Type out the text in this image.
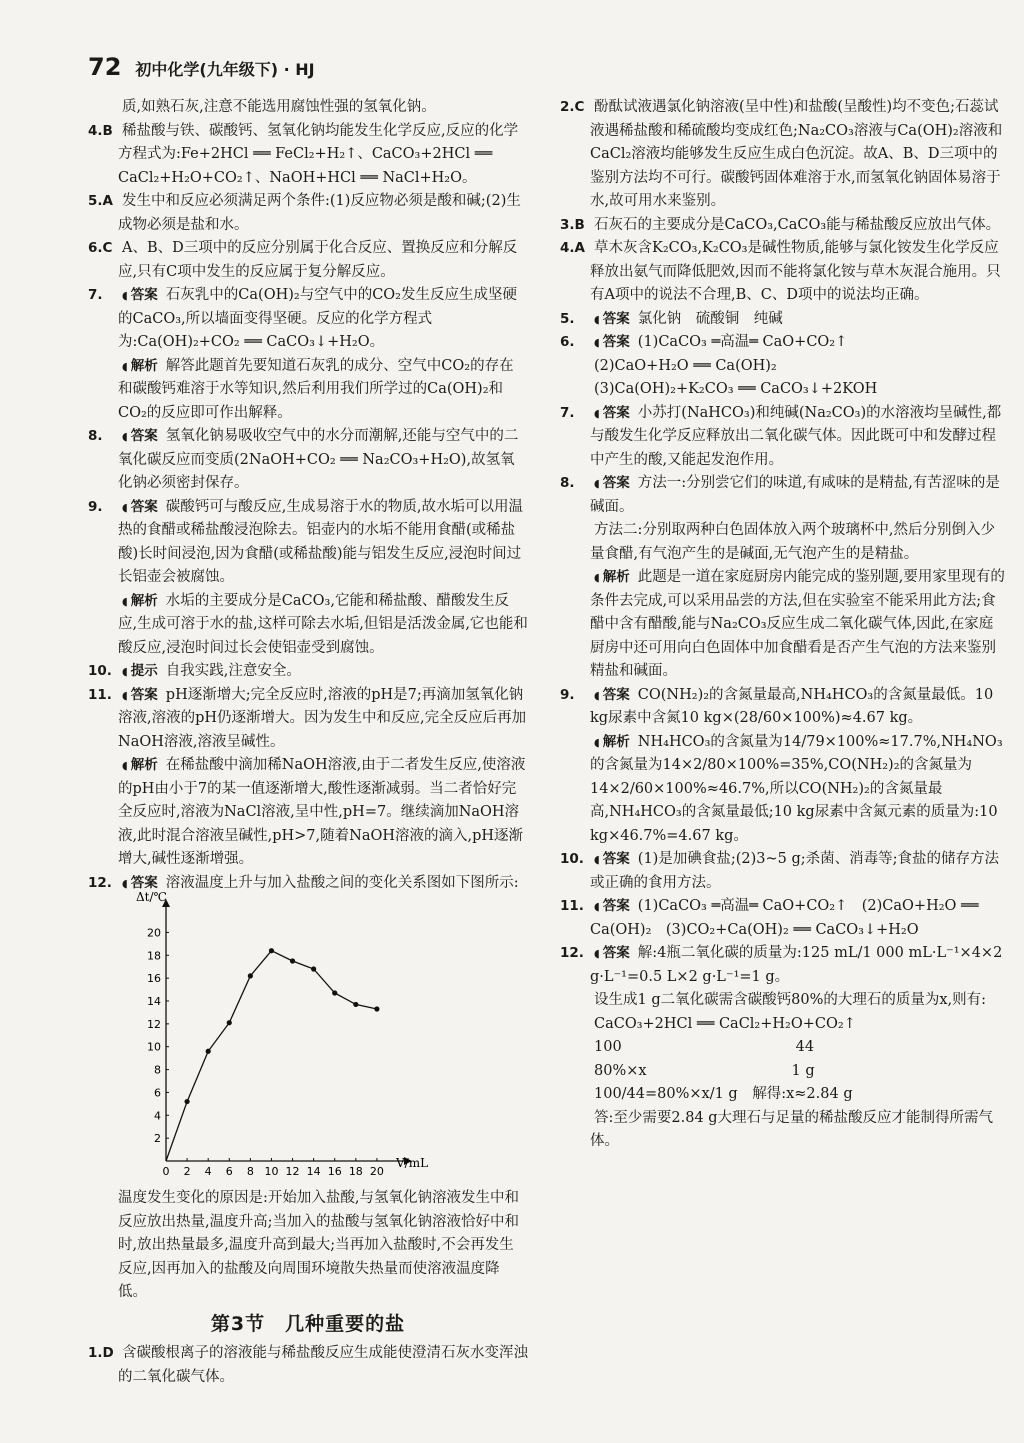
72 初中化学(九年级下) · HJ

质,如熟石灰,注意不能选用腐蚀性强的氢氧化钠。

4.B 稀盐酸与铁、碳酸钙、氢氧化钠均能发生化学反应,反应的化学方程式为:Fe+2HCl ══ FeCl₂+H₂↑、CaCO₃+2HCl ══ CaCl₂+H₂O+CO₂↑、NaOH+HCl ══ NaCl+H₂O。

5.A 发生中和反应必须满足两个条件:(1)反应物必须是酸和碱;(2)生成物必须是盐和水。

6.C A、B、D三项中的反应分别属于化合反应、置换反应和分解反应,只有C项中发生的反应属于复分解反应。

7. ◖ 答案 石灰乳中的Ca(OH)₂与空气中的CO₂发生反应生成坚硬的CaCO₃,所以墙面变得坚硬。反应的化学方程式为:Ca(OH)₂+CO₂ ══ CaCO₃↓+H₂O。

◖ 解析 解答此题首先要知道石灰乳的成分、空气中CO₂的存在和碳酸钙难溶于水等知识,然后利用我们所学过的Ca(OH)₂和CO₂的反应即可作出解释。

8. ◖ 答案 氢氧化钠易吸收空气中的水分而潮解,还能与空气中的二氧化碳反应而变质(2NaOH+CO₂ ══ Na₂CO₃+H₂O),故氢氧化钠必须密封保存。

9. ◖ 答案 碳酸钙可与酸反应,生成易溶于水的物质,故水垢可以用温热的食醋或稀盐酸浸泡除去。铝壶内的水垢不能用食醋(或稀盐酸)长时间浸泡,因为食醋(或稀盐酸)能与铝发生反应,浸泡时间过长铝壶会被腐蚀。

◖ 解析 水垢的主要成分是CaCO₃,它能和稀盐酸、醋酸发生反应,生成可溶于水的盐,这样可除去水垢,但铝是活泼金属,它也能和酸反应,浸泡时间过长会使铝壶受到腐蚀。

10. ◖ 提示 自我实践,注意安全。

11. ◖ 答案 pH逐渐增大;完全反应时,溶液的pH是7;再滴加氢氧化钠溶液,溶液的pH仍逐渐增大。因为发生中和反应,完全反应后再加NaOH溶液,溶液呈碱性。

◖ 解析 在稀盐酸中滴加稀NaOH溶液,由于二者发生反应,使溶液的pH由小于7的某一值逐渐增大,酸性逐渐减弱。当二者恰好完全反应时,溶液为NaCl溶液,呈中性,pH=7。继续滴加NaOH溶液,此时混合溶液呈碱性,pH>7,随着NaOH溶液的滴入,pH逐渐增大,碱性逐渐增强。

12. ◖ 答案 溶液温度上升与加入盐酸之间的变化关系图如下图所示:

Δt/℃
V/mL
0 2 4 6 8 10 12 14 16 18 20
2
4
6
8
10
12
14
16
18
20

温度发生变化的原因是:开始加入盐酸,与氢氧化钠溶液发生中和反应放出热量,温度升高;当加入的盐酸与氢氧化钠溶液恰好中和时,放出热量最多,温度升高到最大;当再加入盐酸时,不会再发生反应,因再加入的盐酸及向周围环境散失热量而使溶液温度降低。

第3节　几种重要的盐

1.D 含碳酸根离子的溶液能与稀盐酸反应生成能使澄清石灰水变浑浊的二氧化碳气体。

2.C 酚酞试液遇氯化钠溶液(呈中性)和盐酸(呈酸性)均不变色;石蕊试液遇稀盐酸和稀硫酸均变成红色;Na₂CO₃溶液与Ca(OH)₂溶液和CaCl₂溶液均能够发生反应生成白色沉淀。故A、B、D三项中的鉴别方法均不可行。碳酸钙固体难溶于水,而氢氧化钠固体易溶于水,故可用水来鉴别。

3.B 石灰石的主要成分是CaCO₃,CaCO₃能与稀盐酸反应放出气体。

4.A 草木灰含K₂CO₃,K₂CO₃是碱性物质,能够与氯化铵发生化学反应释放出氨气而降低肥效,因而不能将氯化铵与草木灰混合施用。只有A项中的说法不合理,B、C、D项中的说法均正确。

5. ◖ 答案 氯化钠　硫酸铜　纯碱

6. ◖ 答案 (1)CaCO₃ ═高温═ CaO+CO₂↑

(2)CaO+H₂O ══ Ca(OH)₂

(3)Ca(OH)₂+K₂CO₃ ══ CaCO₃↓+2KOH

7. ◖ 答案 小苏打(NaHCO₃)和纯碱(Na₂CO₃)的水溶液均呈碱性,都与酸发生化学反应释放出二氧化碳气体。因此既可中和发酵过程中产生的酸,又能起发泡作用。

8. ◖ 答案 方法一:分别尝它们的味道,有咸味的是精盐,有苦涩味的是碱面。

方法二:分别取两种白色固体放入两个玻璃杯中,然后分别倒入少量食醋,有气泡产生的是碱面,无气泡产生的是精盐。

◖ 解析 此题是一道在家庭厨房内能完成的鉴别题,要用家里现有的条件去完成,可以采用品尝的方法,但在实验室不能采用此方法;食醋中含有醋酸,能与Na₂CO₃反应生成二氧化碳气体,因此,在家庭厨房中还可用向白色固体中加食醋看是否产生气泡的方法来鉴别精盐和碱面。

9. ◖ 答案 CO(NH₂)₂的含氮量最高,NH₄HCO₃的含氮量最低。10 kg尿素中含氮10 kg×(28/60×100%)≈4.67 kg。

◖ 解析 NH₄HCO₃的含氮量为14/79×100%≈17.7%,NH₄NO₃的含氮量为14×2/80×100%=35%,CO(NH₂)₂的含氮量为14×2/60×100%≈46.7%,所以CO(NH₂)₂的含氮量最高,NH₄HCO₃的含氮量最低;10 kg尿素中含氮元素的质量为:10 kg×46.7%=4.67 kg。

10. ◖ 答案 (1)是加碘食盐;(2)3~5 g;杀菌、消毒等;食盐的储存方法或正确的食用方法。

11. ◖ 答案 (1)CaCO₃ ═高温═ CaO+CO₂↑　(2)CaO+H₂O ══ Ca(OH)₂　(3)CO₂+Ca(OH)₂ ══ CaCO₃↓+H₂O

12. ◖ 答案 解:4瓶二氧化碳的质量为:125 mL/1 000 mL·L⁻¹×4×2 g·L⁻¹=0.5 L×2 g·L⁻¹=1 g。

设生成1 g二氧化碳需含碳酸钙80%的大理石的质量为x,则有:

CaCO₃+2HCl ══ CaCl₂+H₂O+CO₂↑

100　　　　　　　　　　　　44

80%×x　　　　　　　　　　1 g

100/44=80%×x/1 g　解得:x≈2.84 g

答:至少需要2.84 g大理石与足量的稀盐酸反应才能制得所需气体。
